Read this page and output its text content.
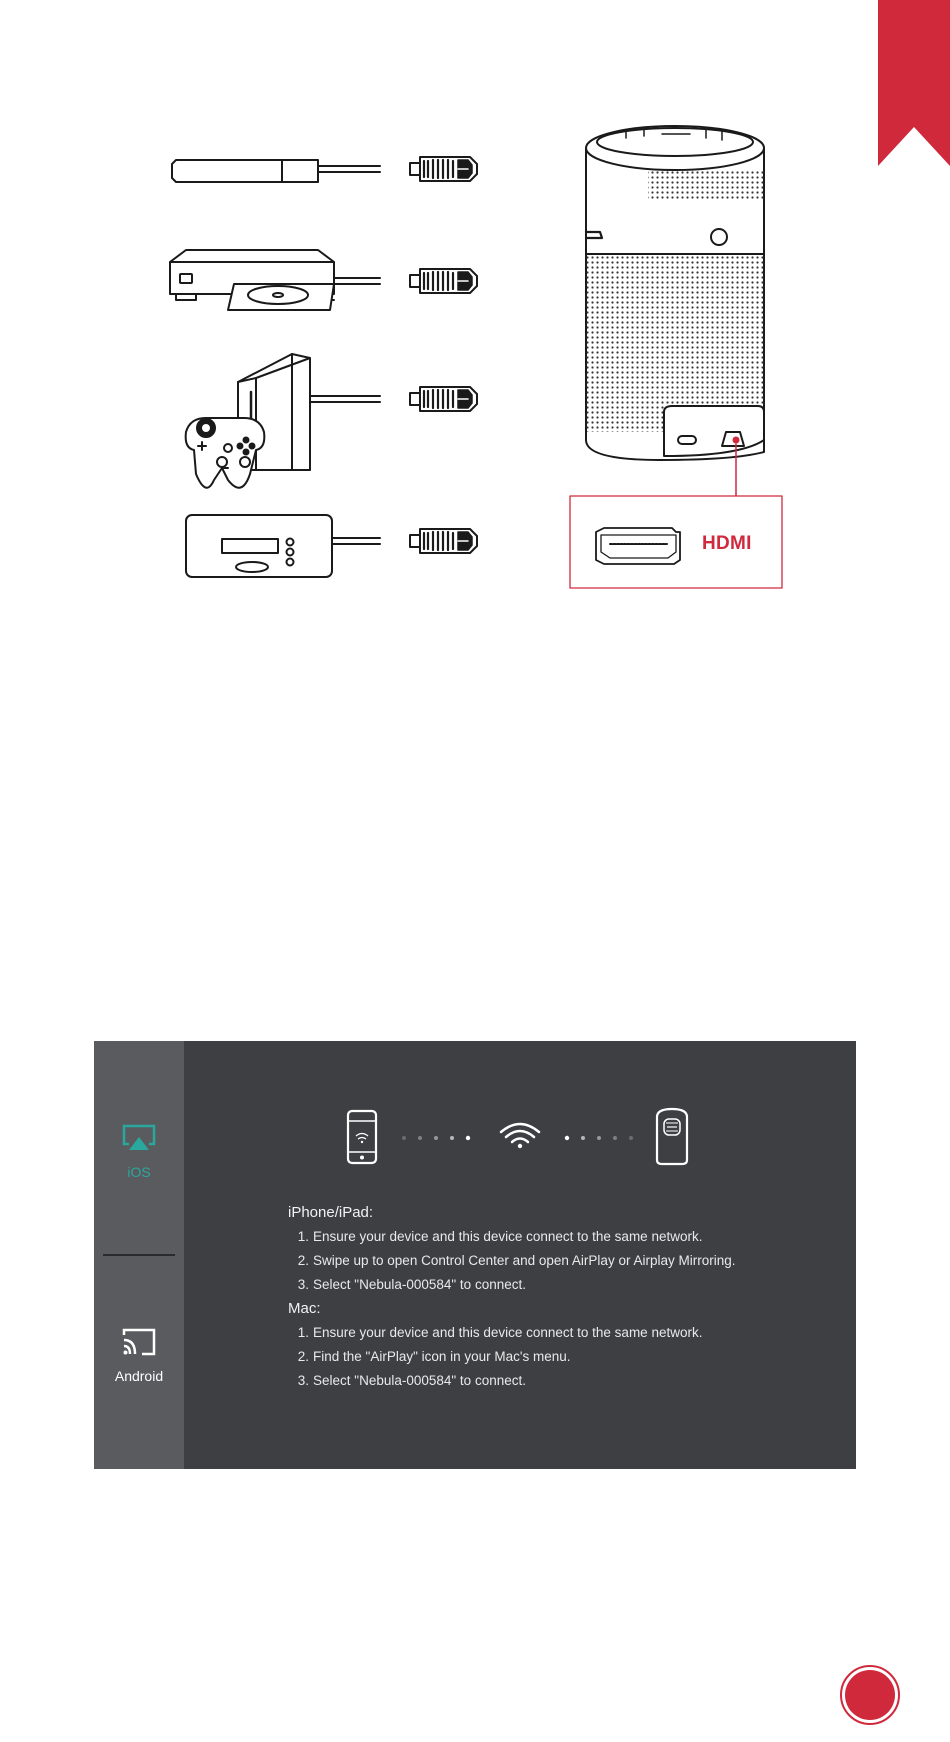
HDMI
iOS
Android

iPhone/iPad:

1. Ensure your device and this device connect to the same network.
2. Swipe up to open Control Center and open AirPlay or Airplay Mirroring.
3. Select "Nebula-000584" to connect.

Mac:

1. Ensure your device and this device connect to the same network.
2. Find the "AirPlay" icon in your Mac's menu.
3. Select "Nebula-000584" to connect.
